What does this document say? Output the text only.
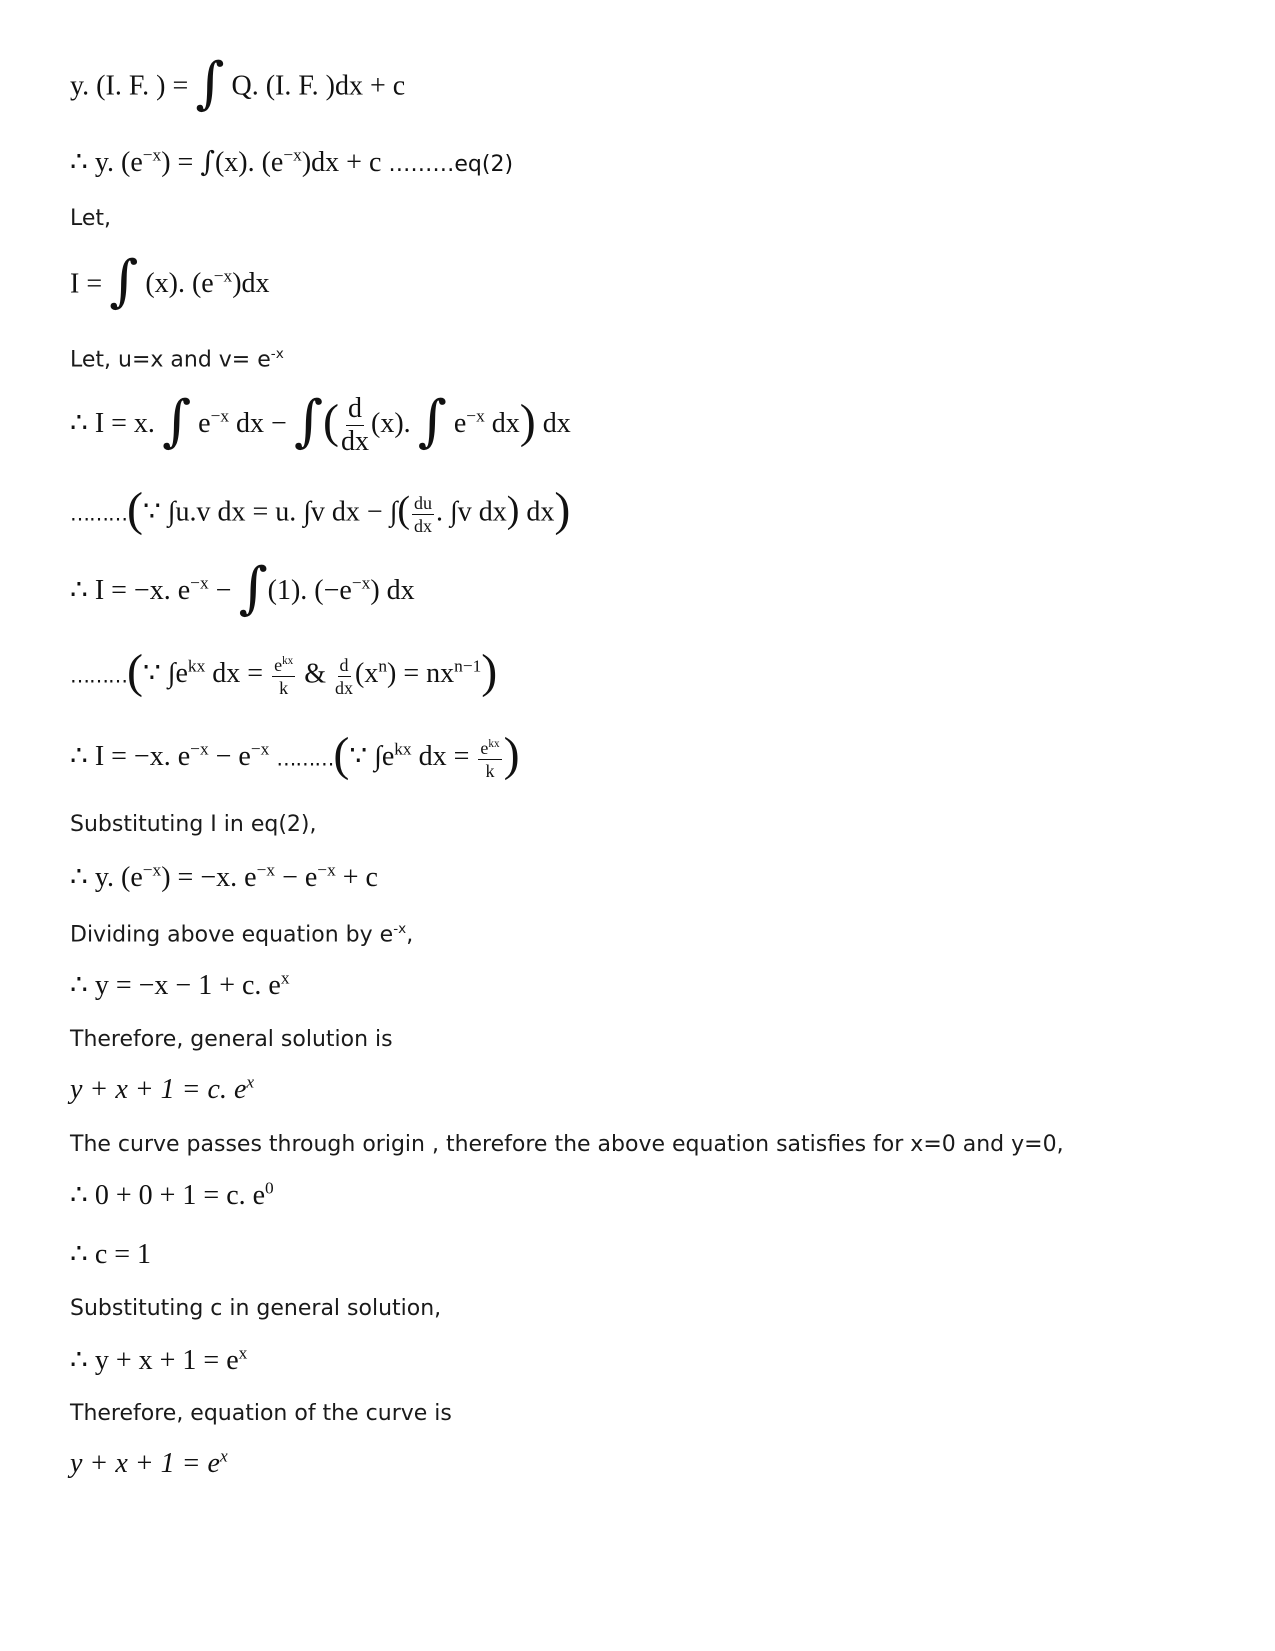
y. (I. F. ) = ∫ Q. (I. F. )dx + c
∴ y. $(e^{-x}) = \int(x)$. $(e^{-x})dx + c$ ………eq(2)
Let,
I = ∫ (x). $(e^{-x})dx$
Let, u=x and $v= e^{-x}$
∴ I = x. ∫ $e^{-x}$ dx − ∫( $\frac{d}{dx} (x)$. ∫ $e^{-x}$ dx) dx
………(∵ ∫u.v dx = u. ∫v dx − ∫( $\frac{du}{dx}$ . ∫v dx) dx)
∴ I = −x. $e^{-x} - \int(1)$. $(-e^{-x})$ dx
………(∵ $\int e^{kx}$ dx = $\frac{e^{kx}}{k}$ & $\frac{d}{dx} (x^n) = nx^{n-1}$)
∴ I = −x. $e^{-x} - e^{-x}$ ………(∵ $\int e^{kx}$ dx = $\frac{e^{kx}}{k}$ )
Substituting I in eq(2),
∴ y. $(e^{-x}) = -x$. $e^{-x} - e^{-x} + c$
Dividing above equation by $e^{-x}$,
∴ y = −x − 1 + c. $e^x$
Therefore, general solution is
y + x + 1 = c. $e^x$
The curve passes through origin , therefore the above equation satisfies for x=0 and y=0,
∴ 0 + 0 + 1 = c. $e^0$
∴ c = 1
Substituting c in general solution,
∴ $y + x + 1 = e^x$
Therefore, equation of the curve is
$y + x + 1 = e^x$
